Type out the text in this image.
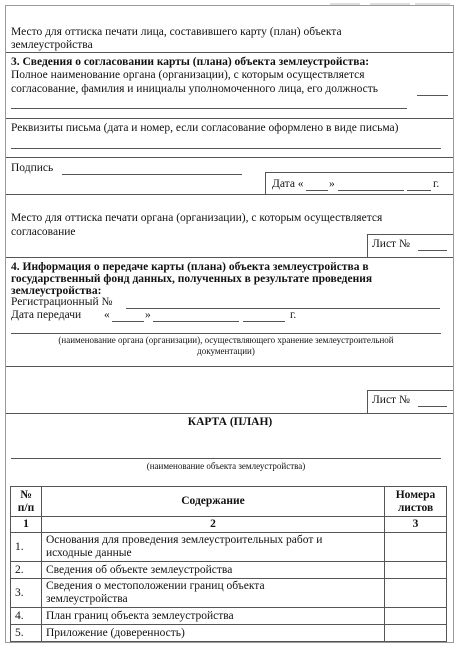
Место для оттиска печати лица, составившего карту (план) объекта землеустройства
3. Сведения о согласовании карты (плана) объекта землеустройства:
Полное наименование органа (организации), с которым осуществляется
согласование, фамилия и инициалы уполномоченного лица, его должность
Реквизиты письма (дата и номер, если согласование оформлено в виде письма)
Подпись
Дата « »	г.
Место для оттиска печати органа (организации), с которым осуществляется
согласование
Лист №
4. Информация о передаче карты (плана) объекта землеустройства в
государственный фонд данных, полученных в результате проведения
землеустройства:
Регистрационный №
Дата передачи «	»	г.
(наименование органа (организации), осуществляющего хранение землеустроительной
документации)
Лист №
КАРТА (ПЛАН)
(наименование объекта землеустройства)
№
п/п	Содержание	Номера
листов
1	2	3
1.	Основания для проведения землеустроительных работ и
исходные данные	
2.	Сведения об объекте землеустройства	
3.	Сведения о местоположении границ объекта
землеустройства	
4.	План границ объекта землеустройства	
5.	Приложение (доверенность)	
